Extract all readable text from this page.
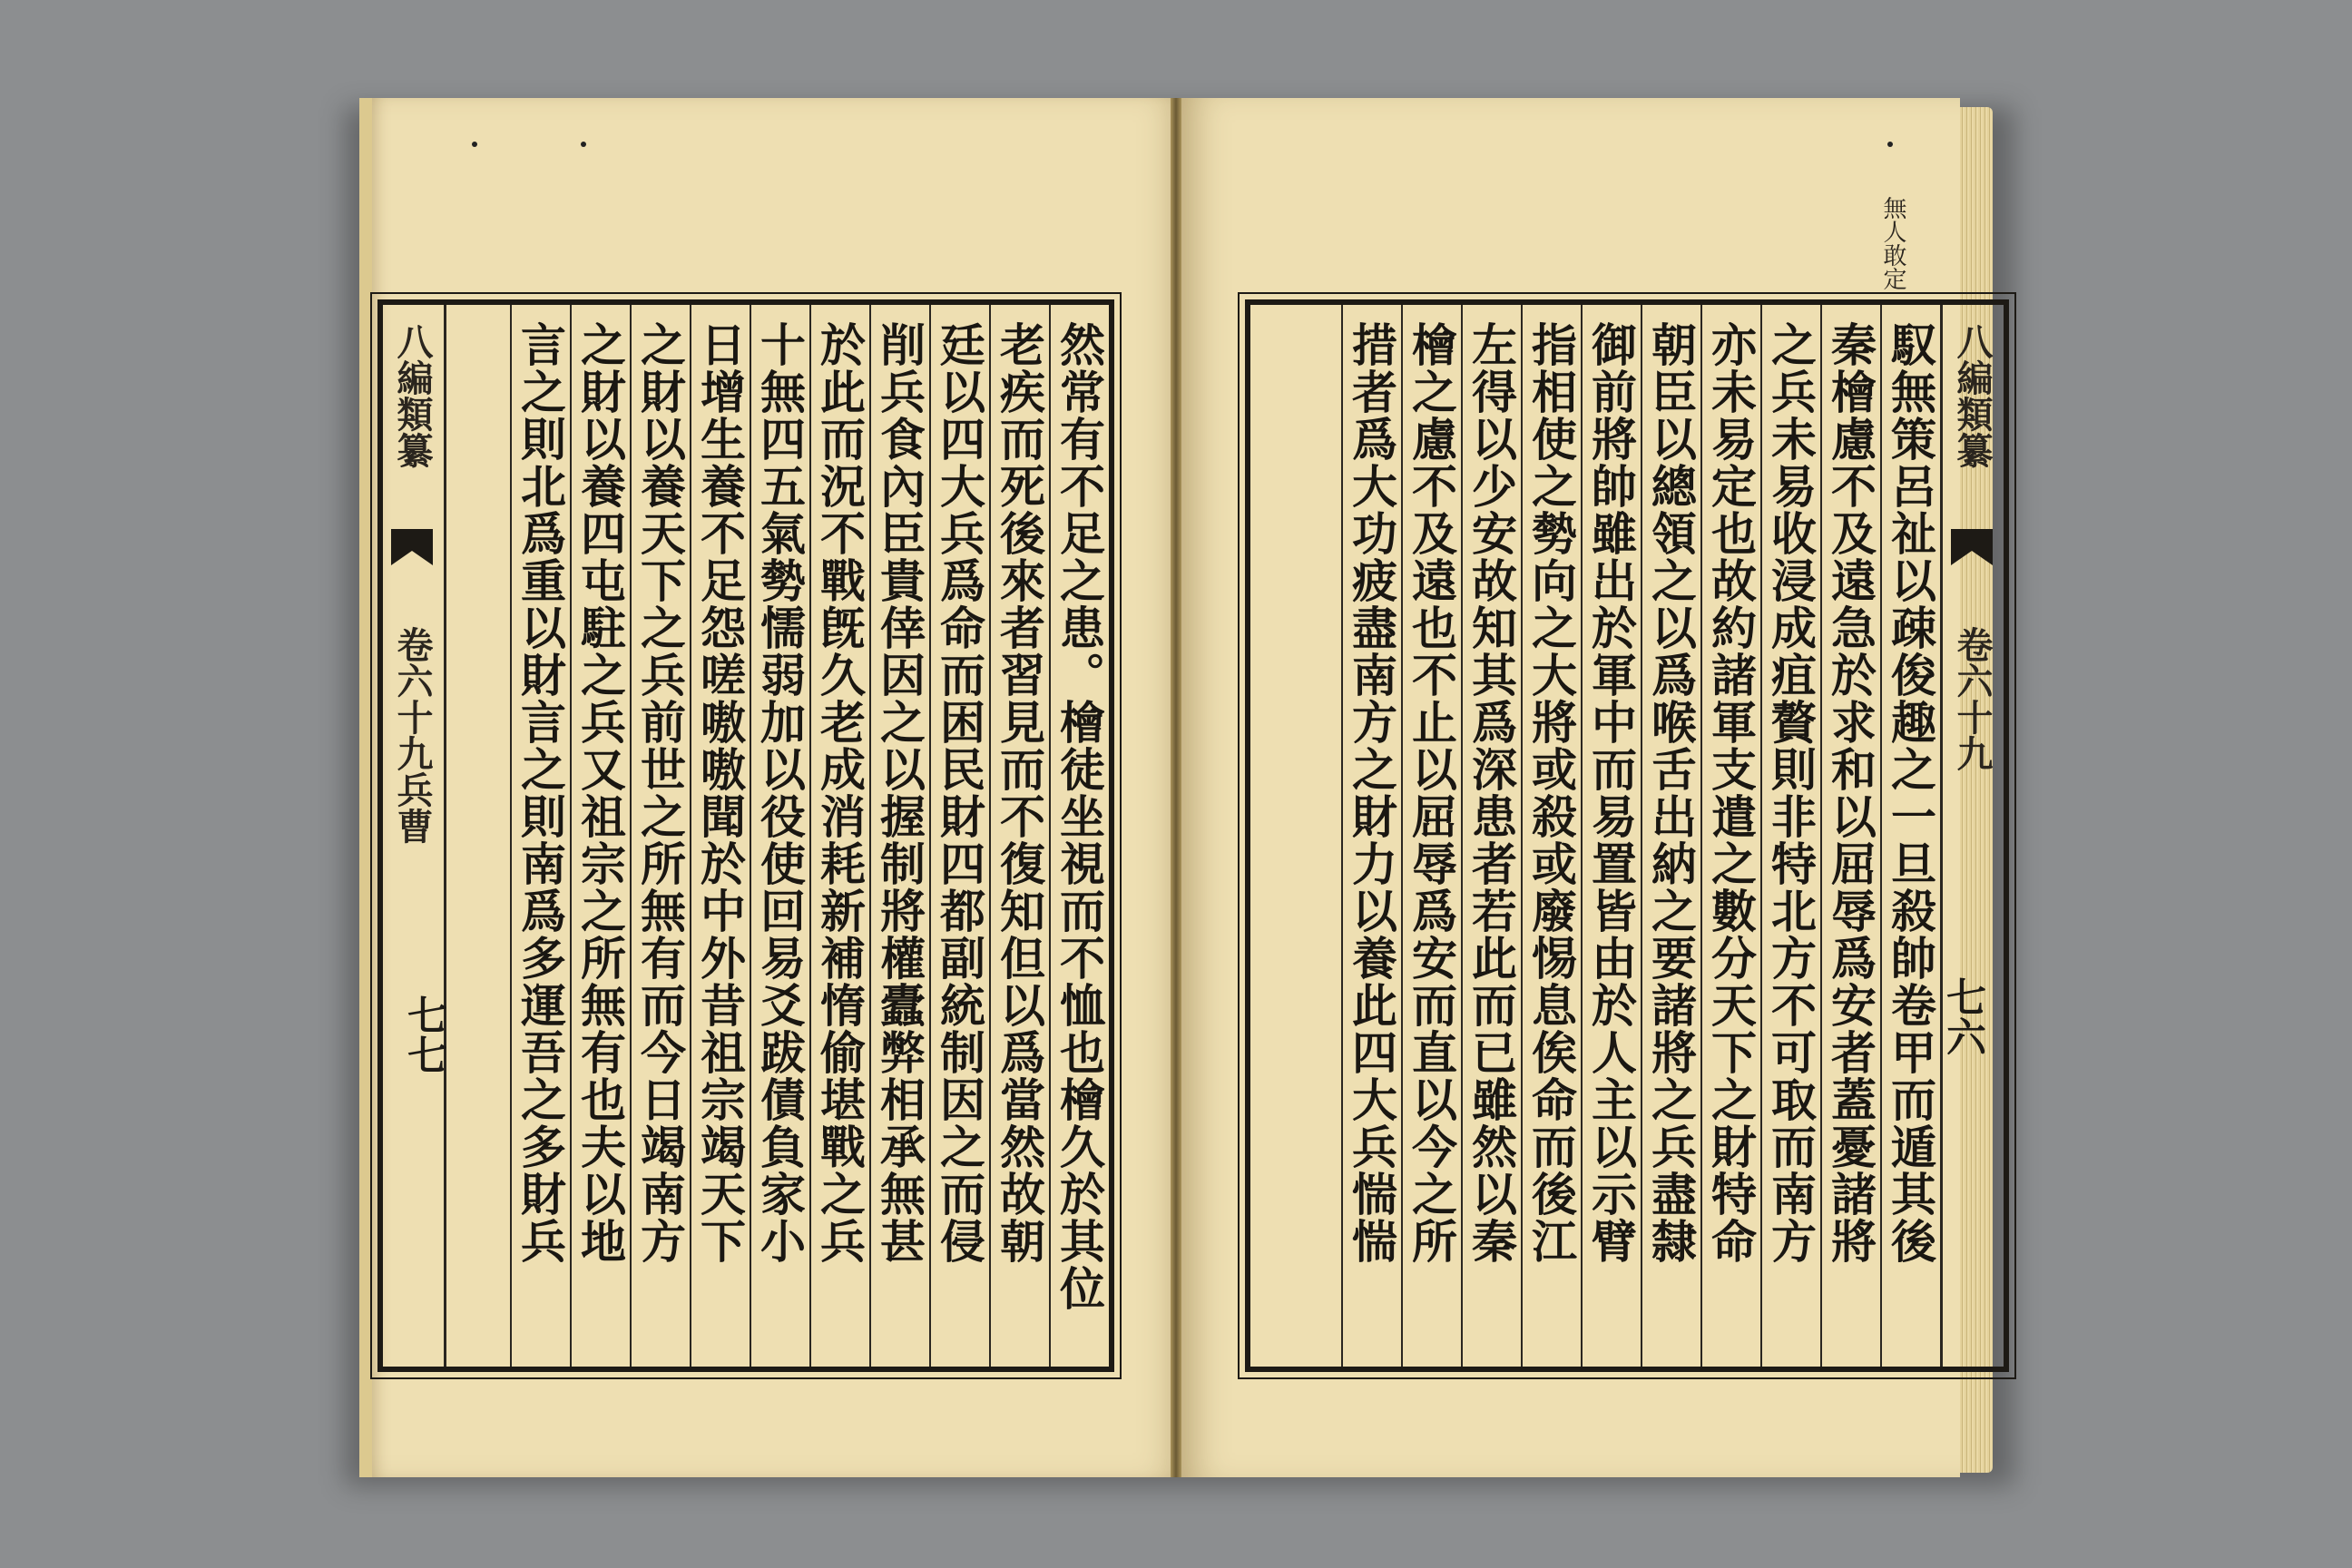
無人敢定
八編類纂  卷六十九兵曹
七七	然常有不足之患。檜徒坐視而不恤也檜久於其位
老疾而死後來者習見而不復知但以爲當然故朝
廷以四大兵爲命而困民財四都副統制因之而侵
削兵食內臣貴倖因之以握制將權蠹弊相承無甚
於此而況不戰旣久老成消耗新補惰偷堪戰之兵
十無四五氣勢懦弱加以役使回易爻跋債負家小
日增生養不足怨嗟嗷嗷聞於中外昔祖宗竭天下
之財以養天下之兵前世之所無有而今日竭南方
之財以養四屯駐之兵又祖宗之所無有也夫以地
言之則北爲重以財言之則南爲多運吾之多財兵	八編類纂  卷六十九
七六
馭無策呂祉以疎俊趣之一旦殺帥卷甲而遁其後
秦檜慮不及遠急於求和以屈辱爲安者蓋憂諸將
之兵未易收浸成疽贅則非特北方不可取而南方
亦未易定也故約諸軍支遣之數分天下之財特命
朝臣以總領之以爲喉舌出納之要諸將之兵盡隸
御前將帥雖出於軍中而易置皆由於人主以示臂
指相使之勢向之大將或殺或廢惕息俟命而後江
左得以少安故知其爲深患者若此而已雖然以秦
檜之慮不及遠也不止以屈辱爲安而直以今之所
措者爲大功疲盡南方之財力以養此四大兵惴惴
